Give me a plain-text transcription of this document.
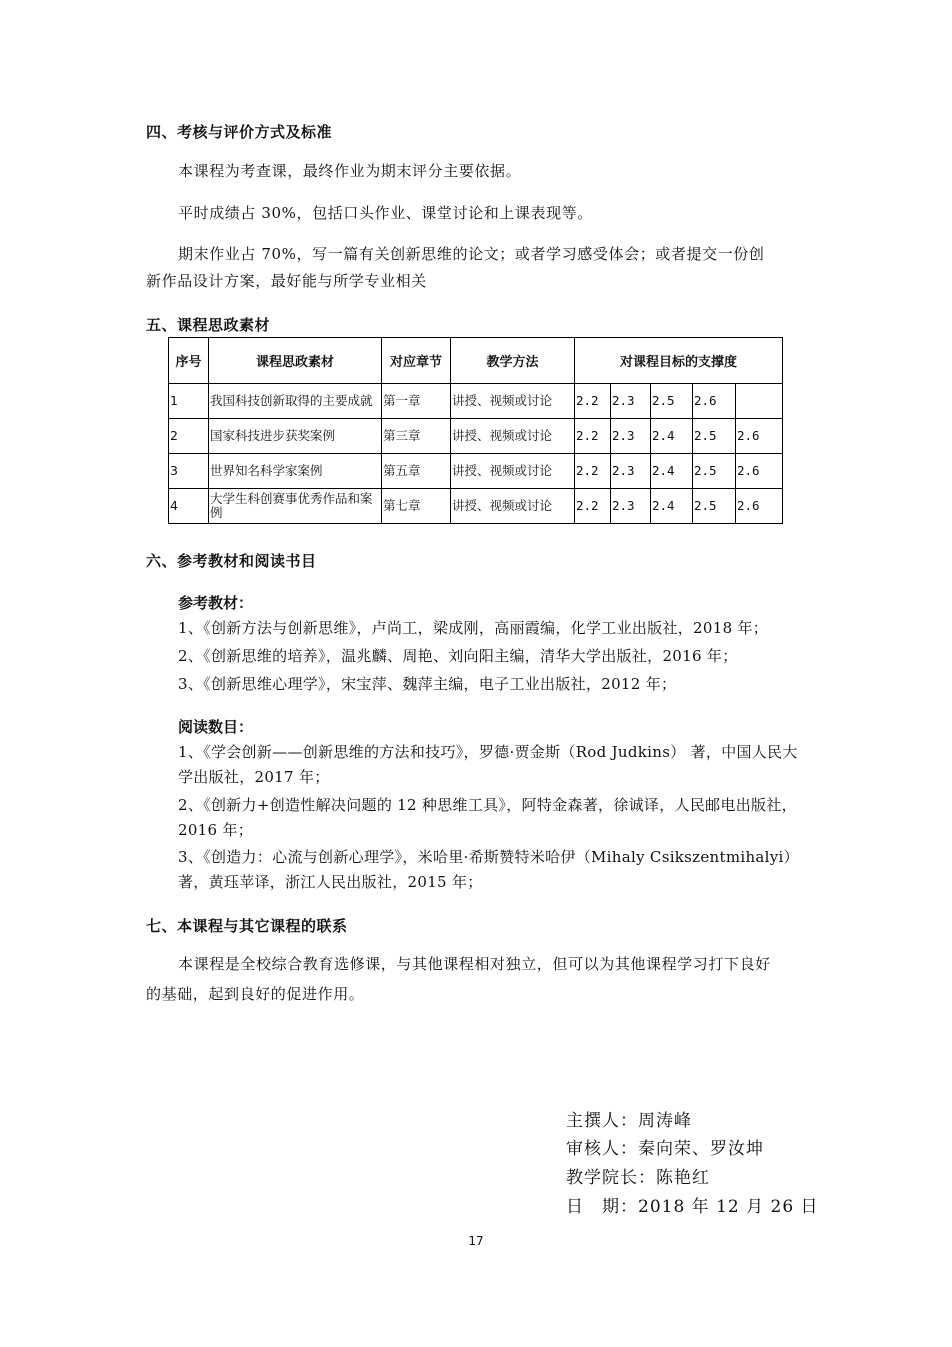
四、考核与评价方式及标准
本课程为考查课，最终作业为期末评分主要依据。
平时成绩占 30%，包括口头作业、课堂讨论和上课表现等。
期末作业占 70%，写一篇有关创新思维的论文；或者学习感受体会；或者提交一份创
新作品设计方案，最好能与所学专业相关
五、课程思政素材
序号	课程思政素材	对应章节	教学方法	对课程目标的支撑度				
1	我国科技创新取得的主要成就	第一章	讲授、视频或讨论	2.2	2.3	2.5	2.6	
2	国家科技进步获奖案例	第三章	讲授、视频或讨论	2.2	2.3	2.4	2.5	2.6
3	世界知名科学家案例	第五章	讲授、视频或讨论	2.2	2.3	2.4	2.5	2.6
4	大学生科创赛事优秀作品和案例	第七章	讲授、视频或讨论	2.2	2.3	2.4	2.5	2.6
六、参考教材和阅读书目
参考教材：
1、《创新方法与创新思维》，卢尚工，梁成刚，高丽霞编，化学工业出版社，2018 年；
2、《创新思维的培养》，温兆麟、周艳、刘向阳主编，清华大学出版社，2016 年；
3、《创新思维心理学》，宋宝萍、魏萍主编，电子工业出版社，2012 年；
阅读数目：
1、《学会创新——创新思维的方法和技巧》，罗德·贾金斯（Rod Judkins） 著，中国人民大学出版社，2017 年；
2、《创新力+创造性解决问题的 12 种思维工具》，阿特金森著，徐诚译，人民邮电出版社，2016 年；
3、《创造力：心流与创新心理学》，米哈里·希斯赞特米哈伊（Mihaly Csikszentmihalyi）著，黄珏苹译，浙江人民出版社，2015 年；
七、本课程与其它课程的联系
本课程是全校综合教育选修课，与其他课程相对独立，但可以为其他课程学习打下良好
的基础，起到良好的促进作用。
主撰人：周涛峰
审核人：秦向荣、罗汝坤
教学院长：陈艳红
日　期：2018 年 12 月 26 日
17
